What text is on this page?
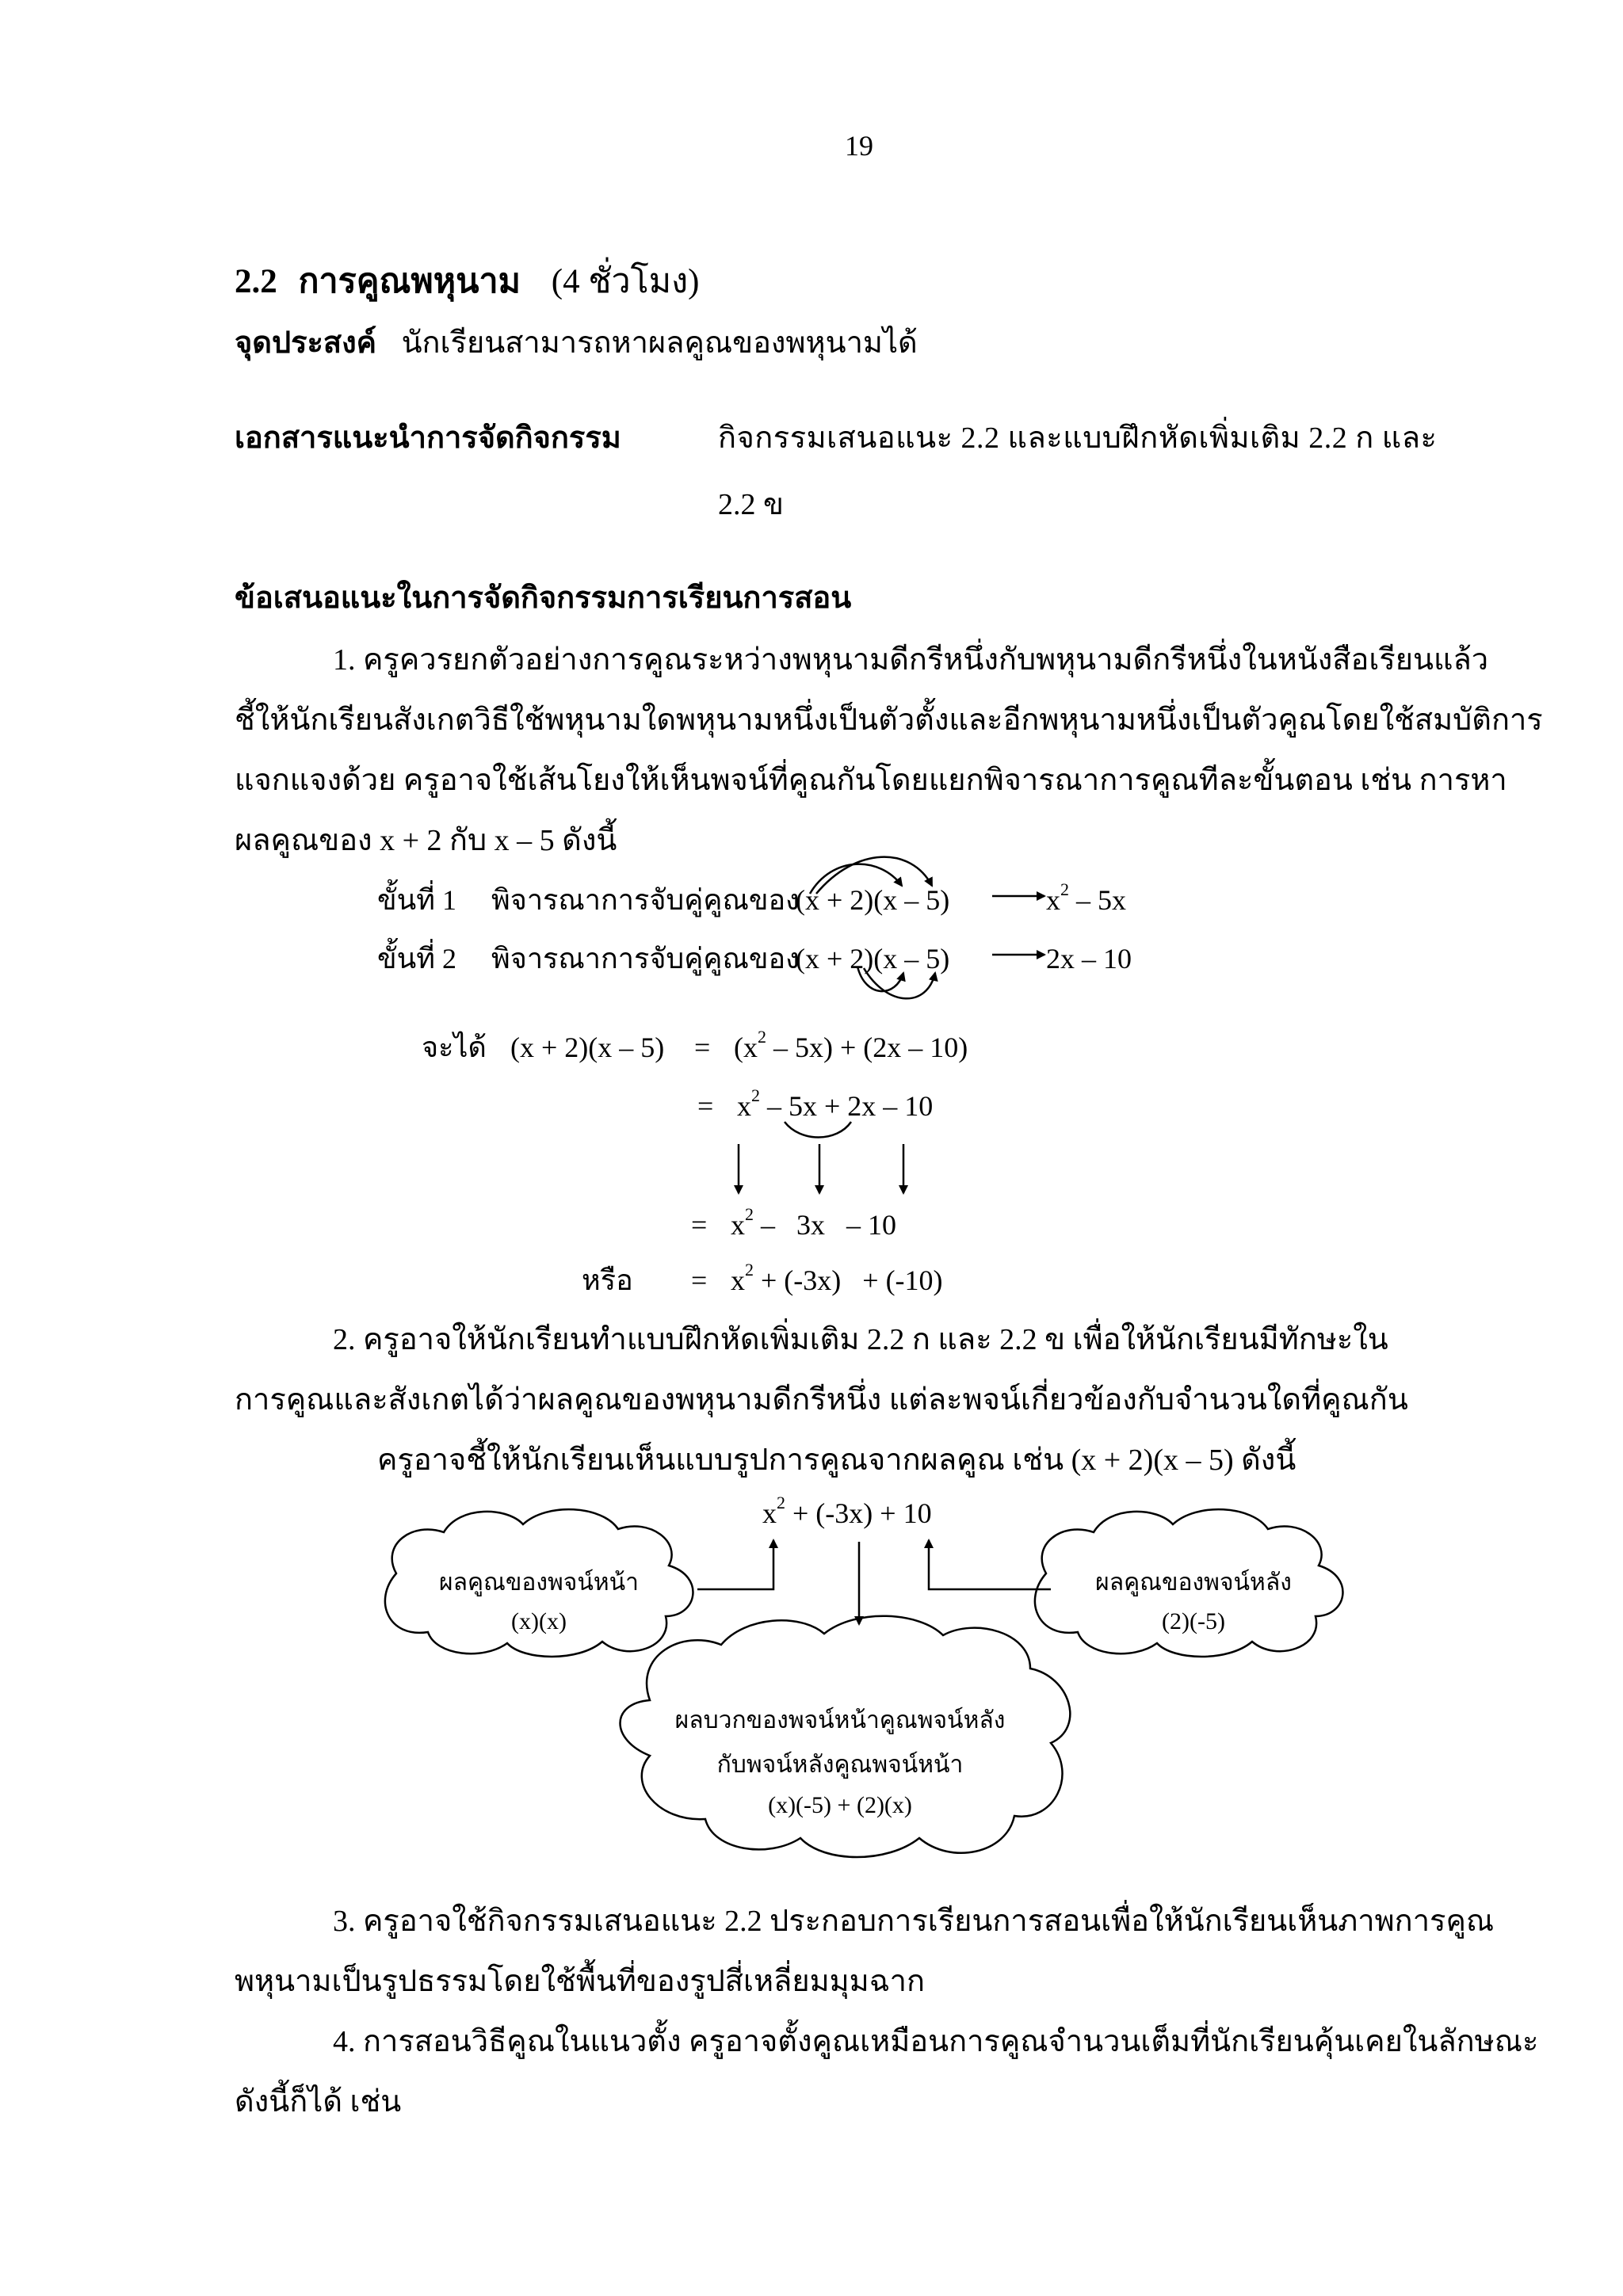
19
2.2 การคูณพหุนาม (4 ชั่วโมง)
จุดประสงค์ นักเรียนสามารถหาผลคูณของพหุนามได้
เอกสารแนะนำการจัดกิจกรรม	กิจกรรมเสนอแนะ 2.2 และแบบฝึกหัดเพิ่มเติม 2.2 ก และ
2.2 ข
ข้อเสนอแนะในการจัดกิจกรรมการเรียนการสอน
1. ครูควรยกตัวอย่างการคูณระหว่างพหุนามดีกรีหนึ่งกับพหุนามดีกรีหนึ่งในหนังสือเรียนแล้ว
ชี้ให้นักเรียนสังเกตวิธีใช้พหุนามใดพหุนามหนึ่งเป็นตัวตั้งและอีกพหุนามหนึ่งเป็นตัวคูณโดยใช้สมบัติการ
แจกแจงด้วย ครูอาจใช้เส้นโยงให้เห็นพจน์ที่คูณกันโดยแยกพิจารณาการคูณทีละขั้นตอน เช่น การหา
ผลคูณของ x + 2 กับ x – 5 ดังนี้
ขั้นที่ 1 พิจารณาการจับคู่คูณของ
(x + 2)(x – 5)	$x^2 - 5x$
ขั้นที่ 2 พิจารณาการจับคู่คูณของ
(x + 2)(x – 5)	2x – 10
จะได้ $(x + 2)(x - 5) = (x^2 - 5x) + (2x - 10)$
= $x^2 - 5x + 2x - 10$
= $x^2 - 3x - 10$
หรือ = $x^2 + (-3x) + (-10)$
2. ครูอาจให้นักเรียนทำแบบฝึกหัดเพิ่มเติม 2.2 ก และ 2.2 ข เพื่อให้นักเรียนมีทักษะใน
การคูณและสังเกตได้ว่าผลคูณของพหุนามดีกรีหนึ่ง แต่ละพจน์เกี่ยวข้องกับจำนวนใดที่คูณกัน
ครูอาจชี้ให้นักเรียนเห็นแบบรูปการคูณจากผลคูณ เช่น (x + 2)(x – 5) ดังนี้
$x^2 + (-3x) + 10$
ผลคูณของพจน์หน้า
(x)(x)
ผลคูณของพจน์หลัง
(2)(-5)
ผลบวกของพจน์หน้าคูณพจน์หลัง
กับพจน์หลังคูณพจน์หน้า
(x)(-5) + (2)(x)
3. ครูอาจใช้กิจกรรมเสนอแนะ 2.2 ประกอบการเรียนการสอนเพื่อให้นักเรียนเห็นภาพการคูณ
พหุนามเป็นรูปธรรมโดยใช้พื้นที่ของรูปสี่เหลี่ยมมุมฉาก
4. การสอนวิธีคูณในแนวตั้ง ครูอาจตั้งคูณเหมือนการคูณจำนวนเต็มที่นักเรียนคุ้นเคยในลักษณะ
ดังนี้ก็ได้ เช่น
